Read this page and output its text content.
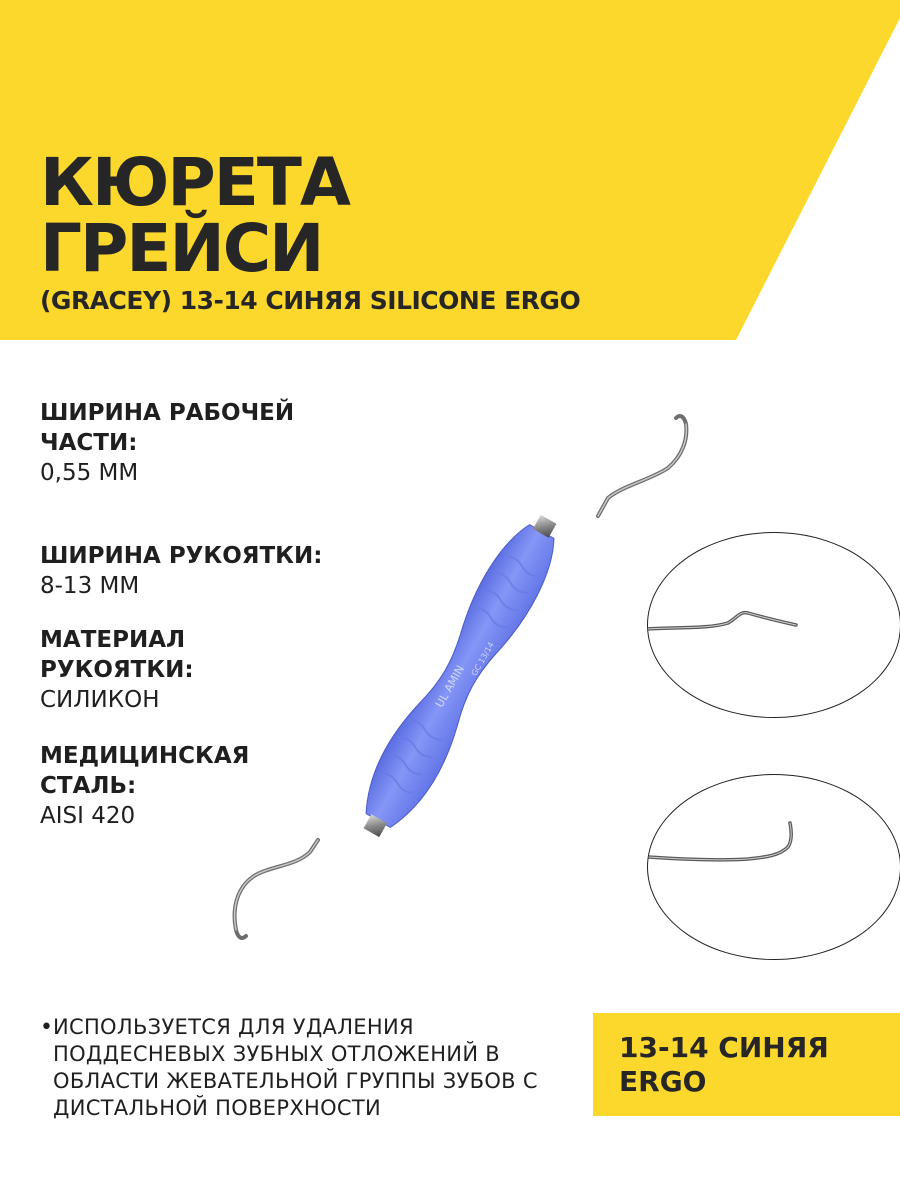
КЮРЕТА
ГРЕЙСИ
(GRACEY) 13-14 СИНЯЯ SILICONE ERGO
ШИРИНА РАБОЧЕЙ
ЧАСТИ:
0,55 ММ
ШИРИНА РУКОЯТКИ:
8-13 ММ
МАТЕРИАЛ
РУКОЯТКИ:
СИЛИКОН
МЕДИЦИНСКАЯ
СТАЛЬ:
AISI 420
UL AMIN
GC 13/14
• ИСПОЛЬЗУЕТСЯ ДЛЯ УДАЛЕНИЯ ПОДДЕСНЕВЫХ ЗУБНЫХ ОТЛОЖЕНИЙ В ОБЛАСТИ ЖЕВАТЕЛЬНОЙ ГРУППЫ ЗУБОВ С ДИСТАЛЬНОЙ ПОВЕРХНОСТИ
13-14 СИНЯЯ
ERGO
